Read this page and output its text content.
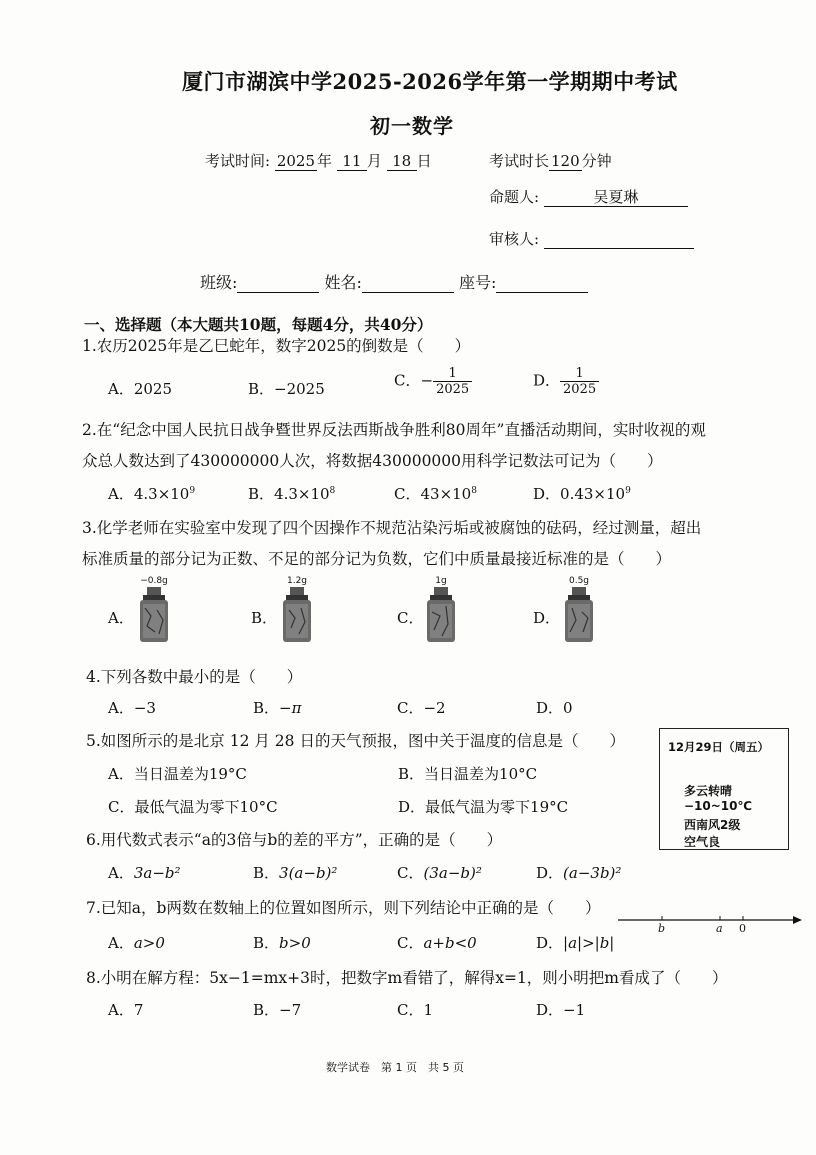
厦门市湖滨中学2025-2026学年第一学期期中考试
初一数学
考试时间: 2025 年 11 月 18 日	考试时长 120 分钟
命题人:	吴夏琳
审核人:
班级:	姓名:	座号:
一、选择题（本大题共10题，每题4分，共40分）
1.农历2025年是乙巳蛇年，数字2025的倒数是（　　）
A．2025	B．−2025	C．− $\frac{1}{2025}$	D． $\frac{1}{2025}$
2.在“纪念中国人民抗日战争暨世界反法西斯战争胜利80周年”直播活动期间，实时收视的观
众总人数达到了430000000人次，将数据430000000用科学记数法可记为（　　）
A．$4.3\times 10^9$	B．$4.3\times 10^8$	C．$43\times 10^8$	D．$0.43\times 10^9$
3.化学老师在实验室中发现了四个因操作不规范沾染污垢或被腐蚀的砝码，经过测量，超出
标准质量的部分记为正数、不足的部分记为负数，它们中质量最接近标准的是（　　）
A．	B．	C．	D．
−0.8g	1.2g	1g	0.5g
4.下列各数中最小的是（　　）
A．−3	B．−π	C．−2	D．0
5.如图所示的是北京 12 月 28 日的天气预报，图中关于温度的信息是（　　）
A．当日温差为19°C	B．当日温差为10°C
C．最低气温为零下10°C	D．最低气温为零下19°C
12月29日（周五）
多云转晴
−10~10℃
西南风2级
空气良
6.用代数式表示“a的3倍与b的差的平方”，正确的是（　　）
A．3a−b²	B．3(a−b)²	C．(3a−b)²	D．(a−3b)²
7.已知a，b两数在数轴上的位置如图所示，则下列结论中正确的是（　　）
A．a>0	B．b>0	C．a+b<0	D．|a|>|b|
b	a 0
8.小明在解方程：5x−1=mx+3时，把数字m看错了，解得x=1，则小明把m看成了（　　）
A．7	B．−7	C．1	D．−1
数学试卷　第 1 页　共 5 页
